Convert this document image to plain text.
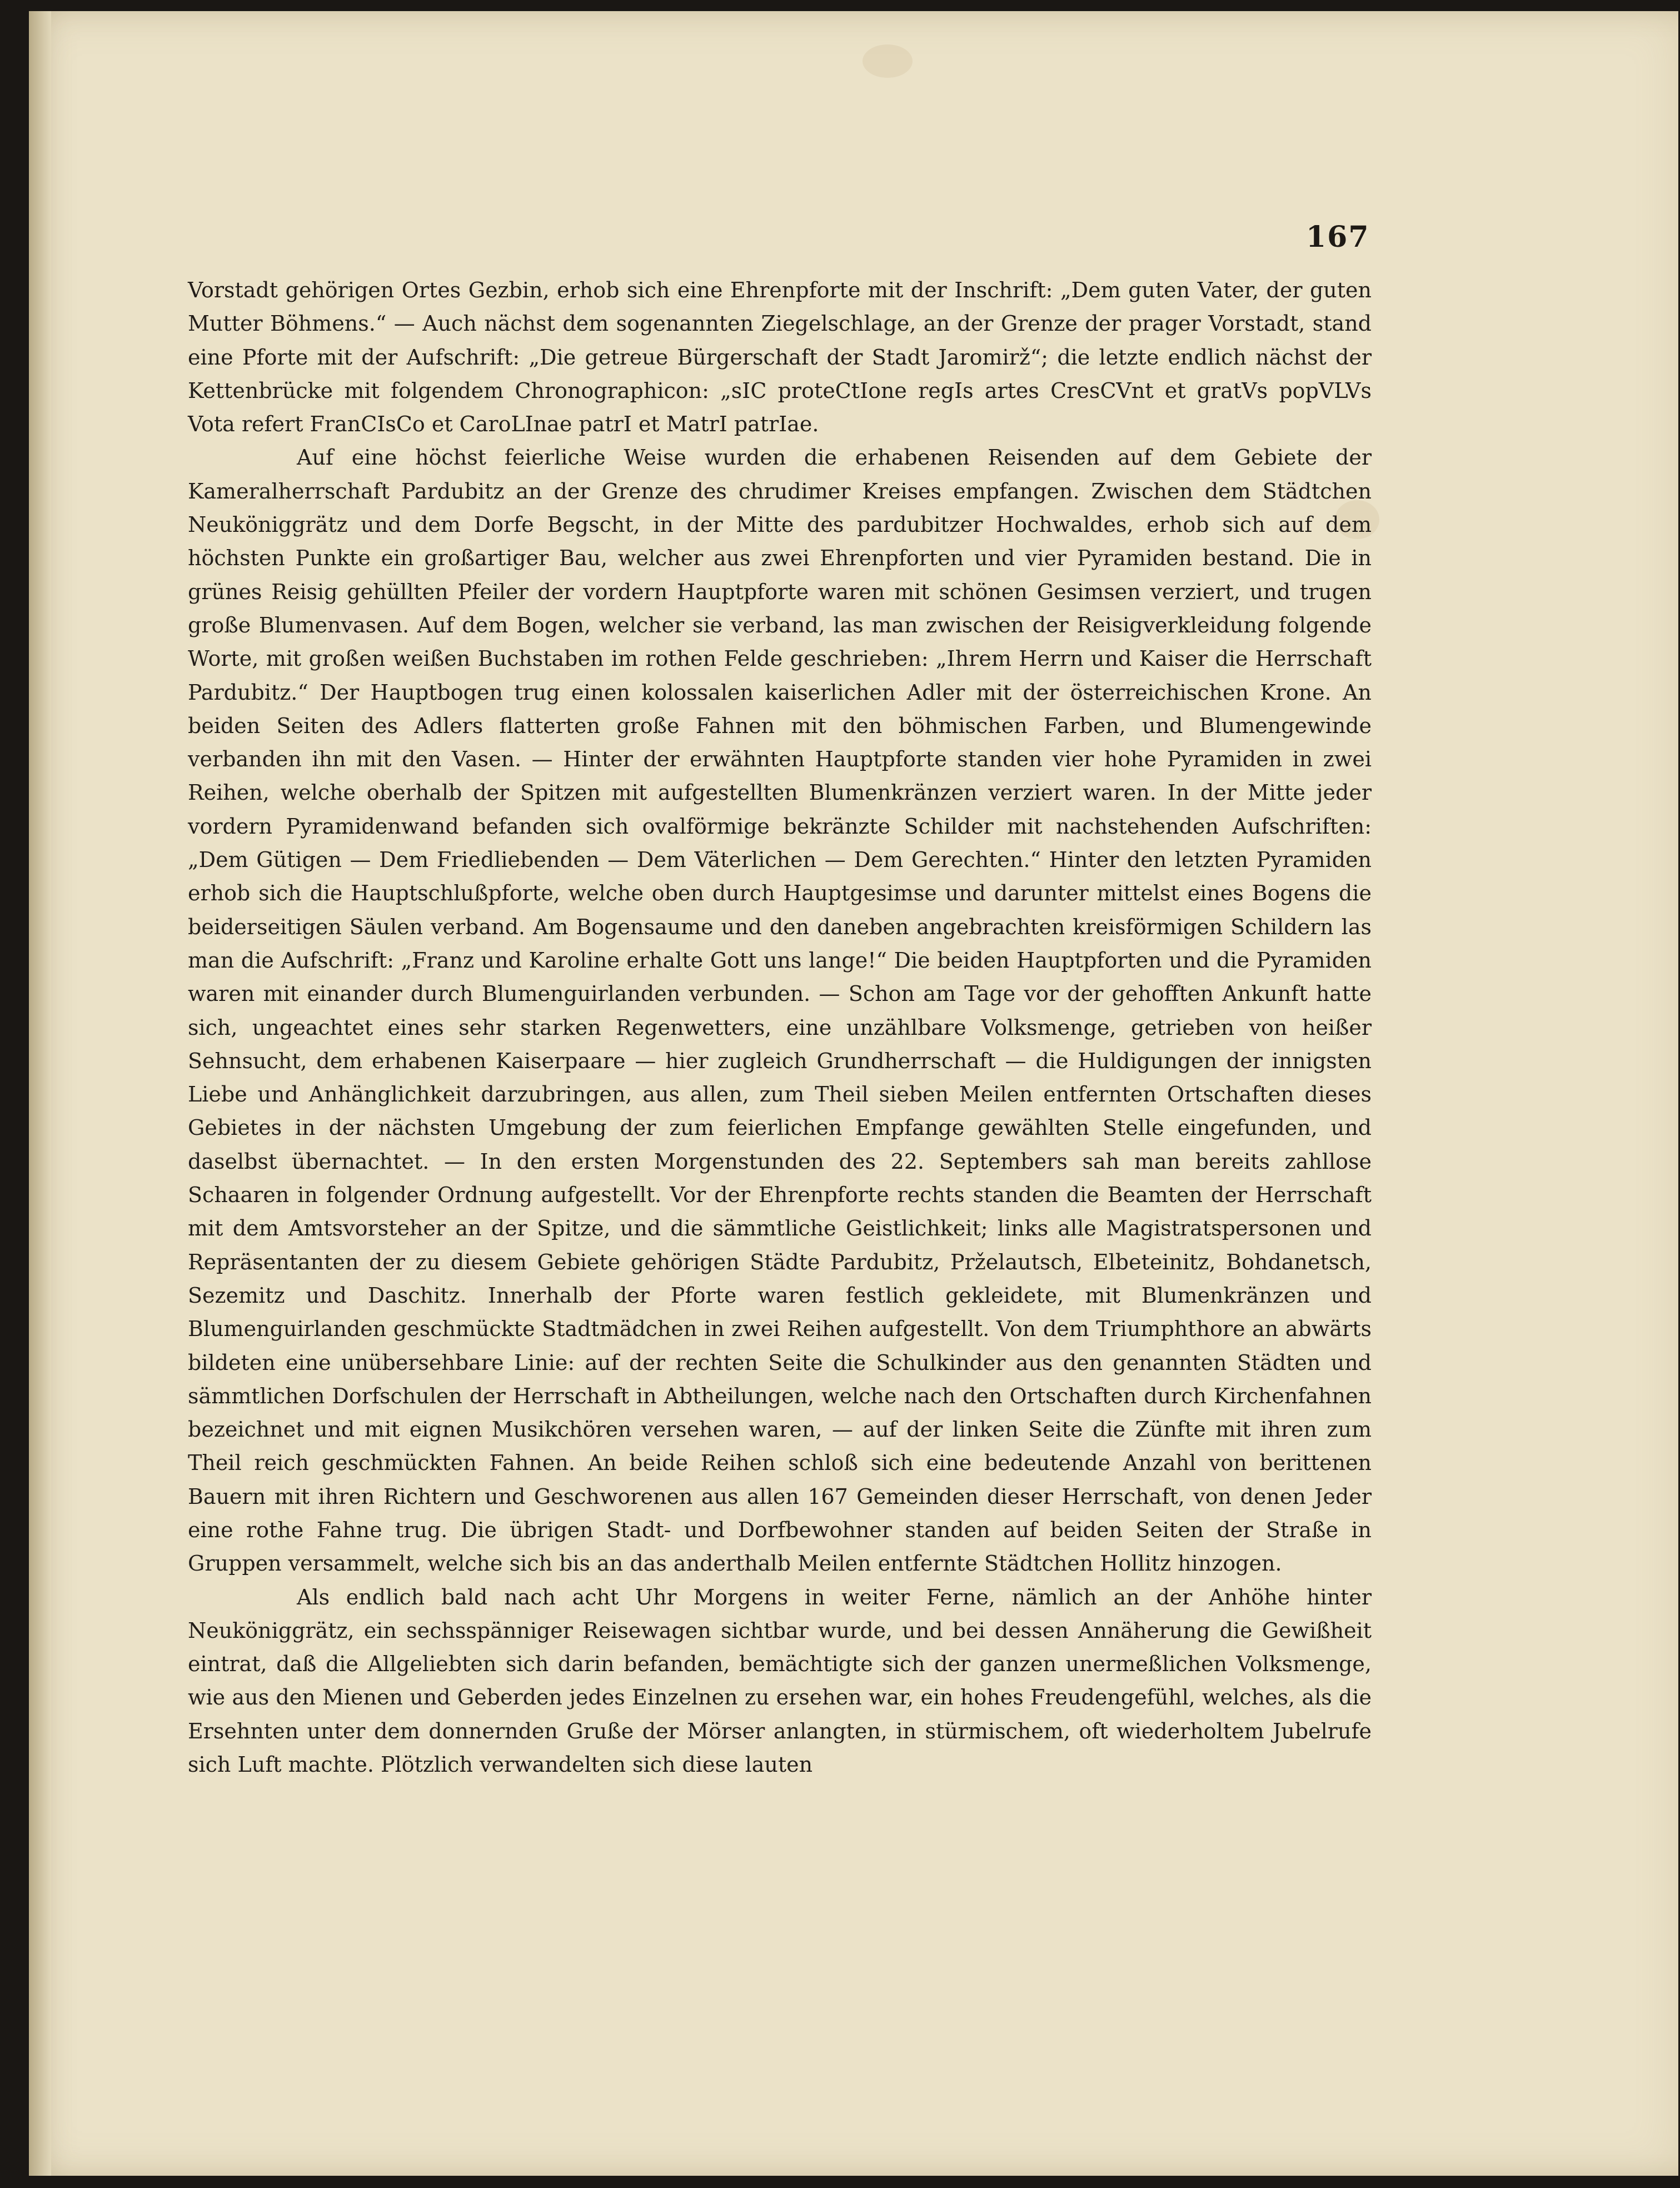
167

Vorstadt gehörigen Ortes Gezbin, erhob sich eine Ehrenpforte mit der Inschrift: „Dem guten Vater, der guten Mutter Böhmens.“ — Auch nächst dem sogenannten Ziegelschlage, an der Grenze der prager Vorstadt, stand eine Pforte mit der Aufschrift: „Die getreue Bürgerschaft der Stadt Jaromirž“; die letzte endlich nächst der Kettenbrücke mit folgendem Chronographicon: „sIC proteCtIone regIs artes CresCVnt et gratVs popVLVs Vota refert FranCIsCo et CaroLInae patrI et MatrI patrIae.

Auf eine höchst feierliche Weise wurden die erhabenen Reisenden auf dem Gebiete der Kameralherrschaft Pardubitz an der Grenze des chrudimer Kreises empfangen. Zwischen dem Städtchen Neuköniggrätz und dem Dorfe Begscht, in der Mitte des pardubitzer Hochwaldes, erhob sich auf dem höchsten Punkte ein großartiger Bau, welcher aus zwei Ehrenpforten und vier Pyramiden bestand. Die in grünes Reisig gehüllten Pfeiler der vordern Hauptpforte waren mit schönen Gesimsen verziert, und trugen große Blumenvasen. Auf dem Bogen, welcher sie verband, las man zwischen der Reisigverkleidung folgende Worte, mit großen weißen Buchstaben im rothen Felde geschrieben: „Ihrem Herrn und Kaiser die Herrschaft Pardubitz.“ Der Hauptbogen trug einen kolossalen kaiserlichen Adler mit der österreichischen Krone. An beiden Seiten des Adlers flatterten große Fahnen mit den böhmischen Farben, und Blumengewinde verbanden ihn mit den Vasen. — Hinter der erwähnten Hauptpforte standen vier hohe Pyramiden in zwei Reihen, welche oberhalb der Spitzen mit aufgestellten Blumenkränzen verziert waren. In der Mitte jeder vordern Pyramidenwand befanden sich ovalförmige bekränzte Schilder mit nachstehenden Aufschriften: „Dem Gütigen — Dem Friedliebenden — Dem Väterlichen — Dem Gerechten.“ Hinter den letzten Pyramiden erhob sich die Hauptschlußpforte, welche oben durch Hauptgesimse und darunter mittelst eines Bogens die beiderseitigen Säulen verband. Am Bogensaume und den daneben angebrachten kreisförmigen Schildern las man die Aufschrift: „Franz und Karoline erhalte Gott uns lange!“ Die beiden Hauptpforten und die Pyramiden waren mit einander durch Blumenguirlanden verbunden. — Schon am Tage vor der gehofften Ankunft hatte sich, ungeachtet eines sehr starken Regenwetters, eine unzählbare Volksmenge, getrieben von heißer Sehnsucht, dem erhabenen Kaiserpaare — hier zugleich Grundherrschaft — die Huldigungen der innigsten Liebe und Anhänglichkeit darzubringen, aus allen, zum Theil sieben Meilen entfernten Ortschaften dieses Gebietes in der nächsten Umgebung der zum feierlichen Empfange gewählten Stelle eingefunden, und daselbst übernachtet. — In den ersten Morgenstunden des 22. Septembers sah man bereits zahllose Schaaren in folgender Ordnung aufgestellt. Vor der Ehrenpforte rechts standen die Beamten der Herrschaft mit dem Amtsvorsteher an der Spitze, und die sämmtliche Geistlichkeit; links alle Magistratspersonen und Repräsentanten der zu diesem Gebiete gehörigen Städte Pardubitz, Prželautsch, Elbeteinitz, Bohdanetsch, Sezemitz und Daschitz. Innerhalb der Pforte waren festlich gekleidete, mit Blumenkränzen und Blumenguirlanden geschmückte Stadtmädchen in zwei Reihen aufgestellt. Von dem Triumphthore an abwärts bildeten eine unübersehbare Linie: auf der rechten Seite die Schulkinder aus den genannten Städten und sämmtlichen Dorfschulen der Herrschaft in Abtheilungen, welche nach den Ortschaften durch Kirchenfahnen bezeichnet und mit eignen Musikchören versehen waren, — auf der linken Seite die Zünfte mit ihren zum Theil reich geschmückten Fahnen. An beide Reihen schloß sich eine bedeutende Anzahl von berittenen Bauern mit ihren Richtern und Geschworenen aus allen 167 Gemeinden dieser Herrschaft, von denen Jeder eine rothe Fahne trug. Die übrigen Stadt- und Dorfbewohner standen auf beiden Seiten der Straße in Gruppen versammelt, welche sich bis an das anderthalb Meilen entfernte Städtchen Hollitz hinzogen.

Als endlich bald nach acht Uhr Morgens in weiter Ferne, nämlich an der Anhöhe hinter Neuköniggrätz, ein sechsspänniger Reisewagen sichtbar wurde, und bei dessen Annäherung die Gewißheit eintrat, daß die Allgeliebten sich darin befanden, bemächtigte sich der ganzen unermeßlichen Volksmenge, wie aus den Mienen und Geberden jedes Einzelnen zu ersehen war, ein hohes Freudengefühl, welches, als die Ersehnten unter dem donnernden Gruße der Mörser anlangten, in stürmischem, oft wiederholtem Jubelrufe sich Luft machte. Plötzlich verwandelten sich diese lauten
